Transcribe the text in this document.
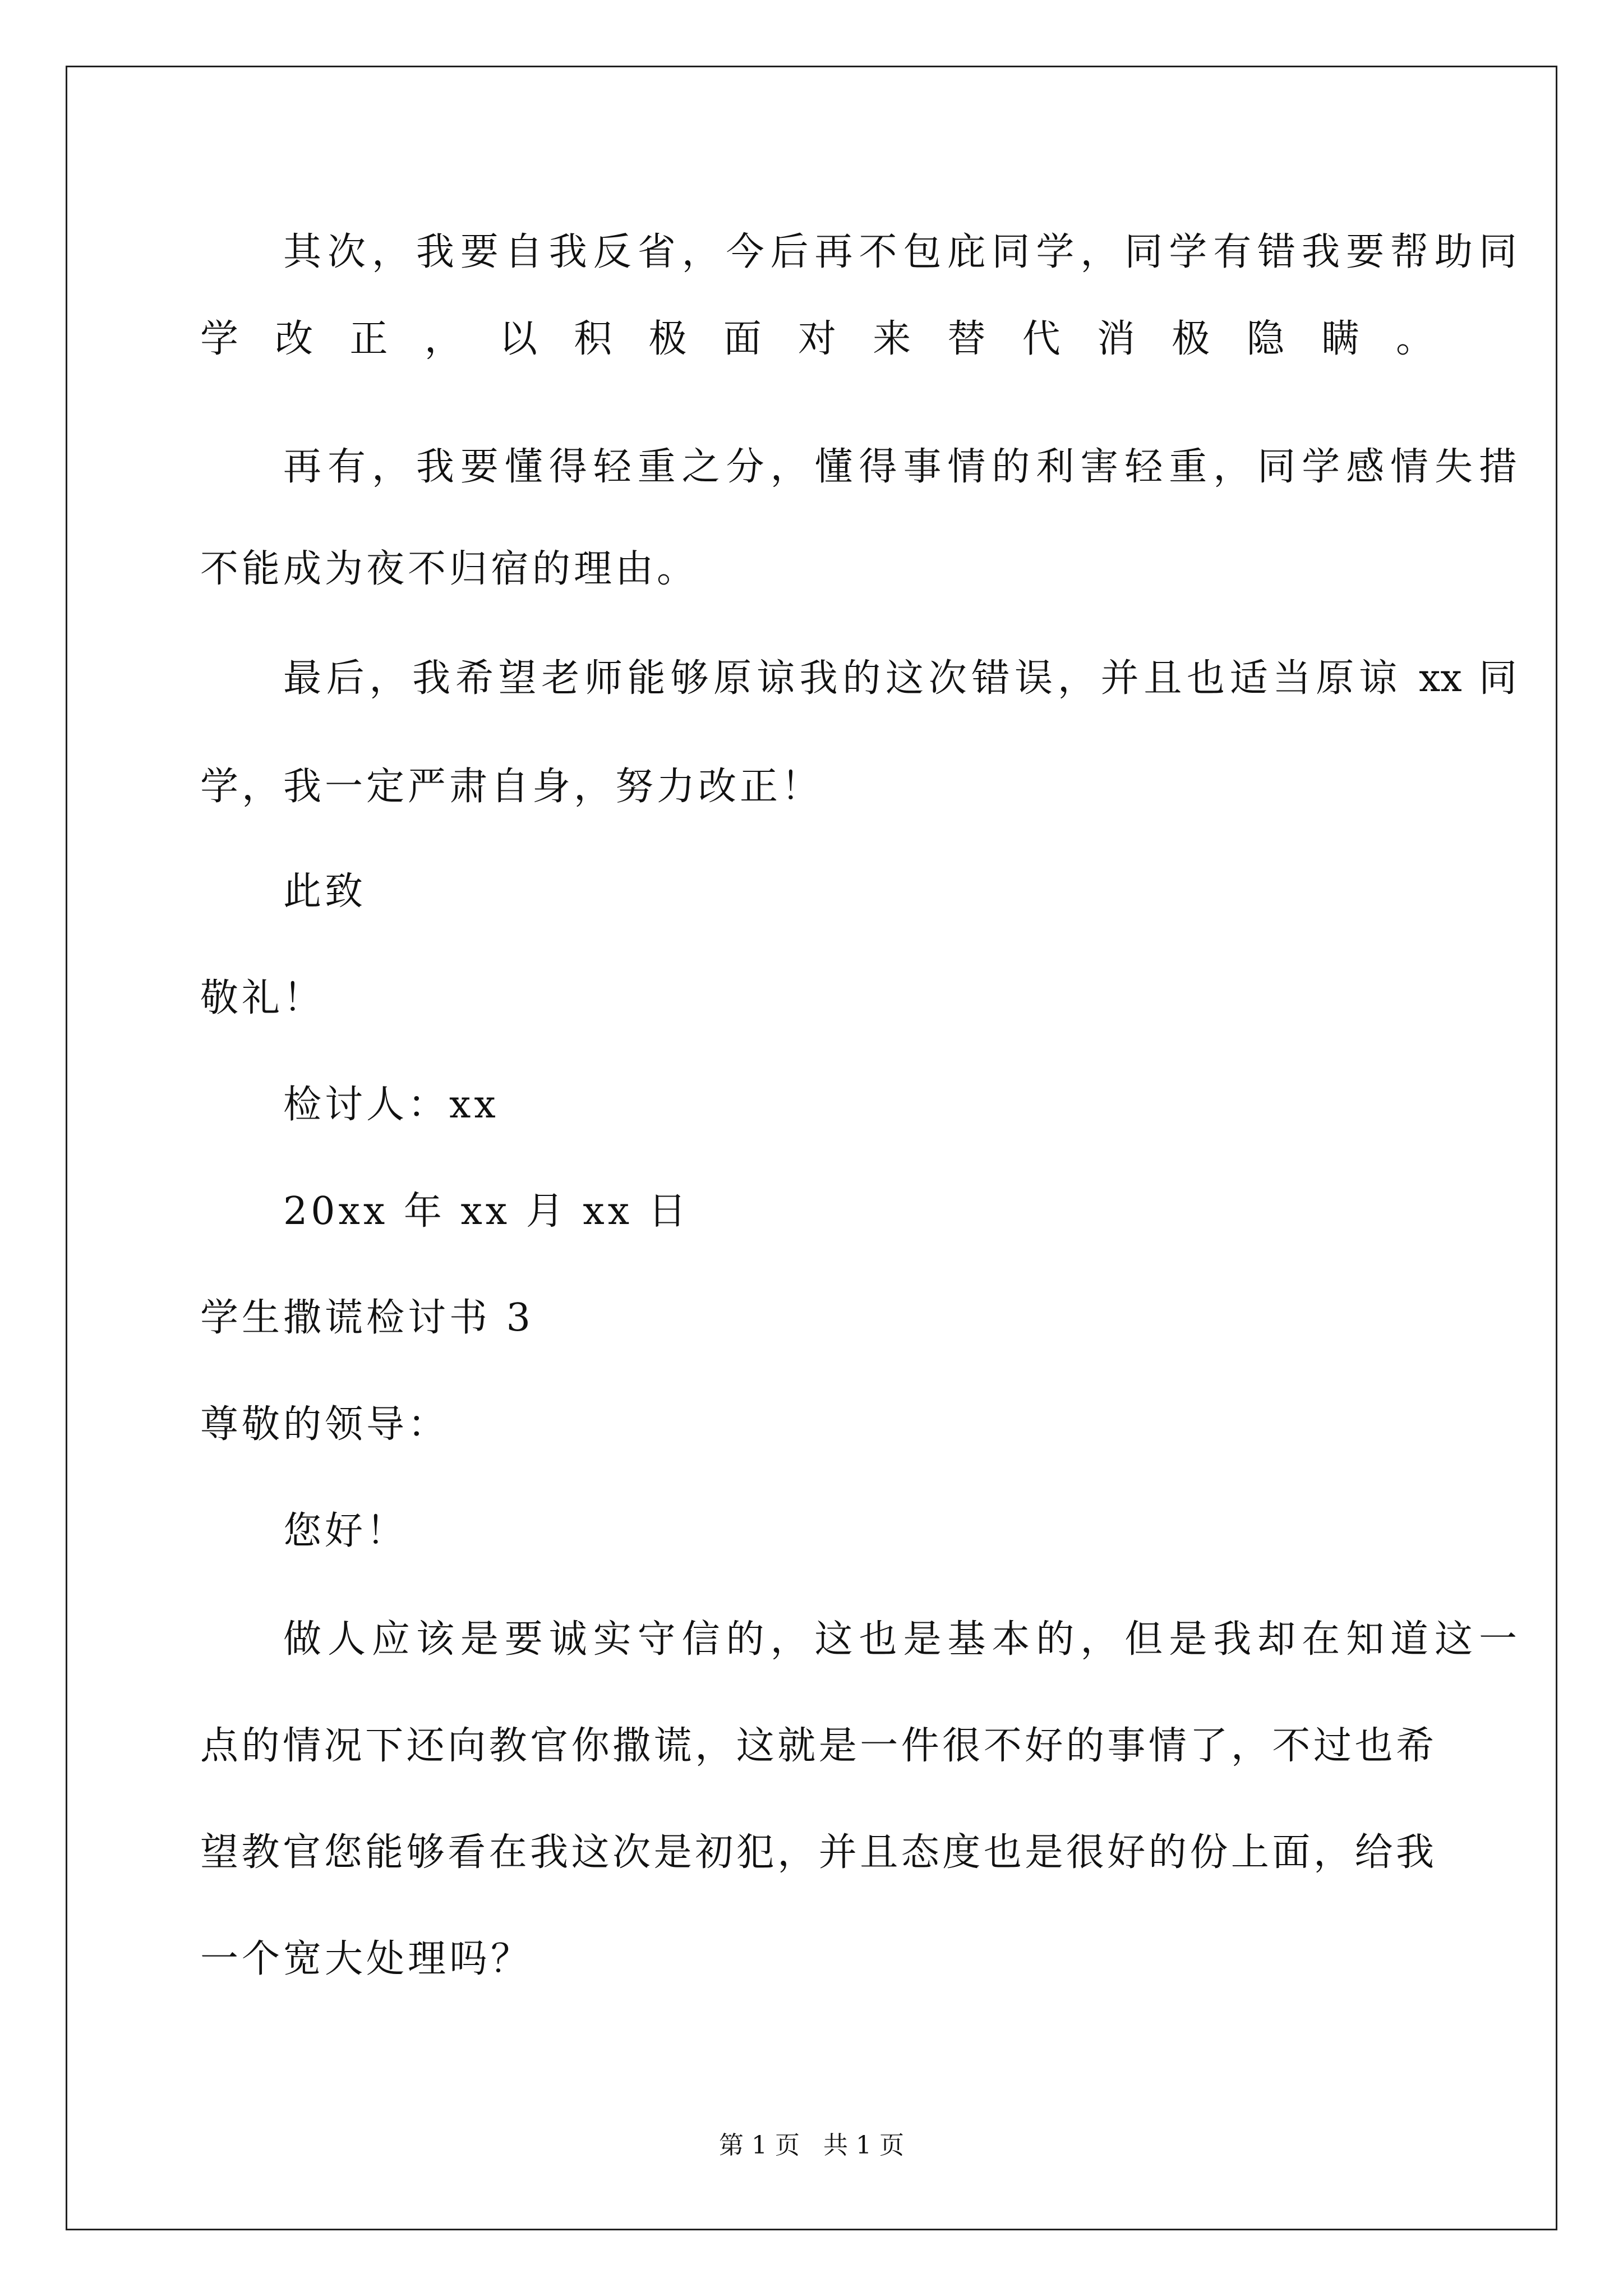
其次，我要自我反省，今后再不包庇同学，同学有错我要帮助同
学改正，以积极面对来替代消极隐瞒。
再有，我要懂得轻重之分，懂得事情的利害轻重，同学感情失措
不能成为夜不归宿的理由。
最后，我希望老师能够原谅我的这次错误，并且也适当原谅 xx 同
学，我一定严肃自身，努力改正！
此致
敬礼！
检讨人：xx
20xx 年 xx 月 xx 日
学生撒谎检讨书 3
尊敬的领导：
您好！
做人应该是要诚实守信的，这也是基本的，但是我却在知道这一
点的情况下还向教官你撒谎，这就是一件很不好的事情了，不过也希
望教官您能够看在我这次是初犯，并且态度也是很好的份上面，给我
一个宽大处理吗？
第 1 页   共 1 页
